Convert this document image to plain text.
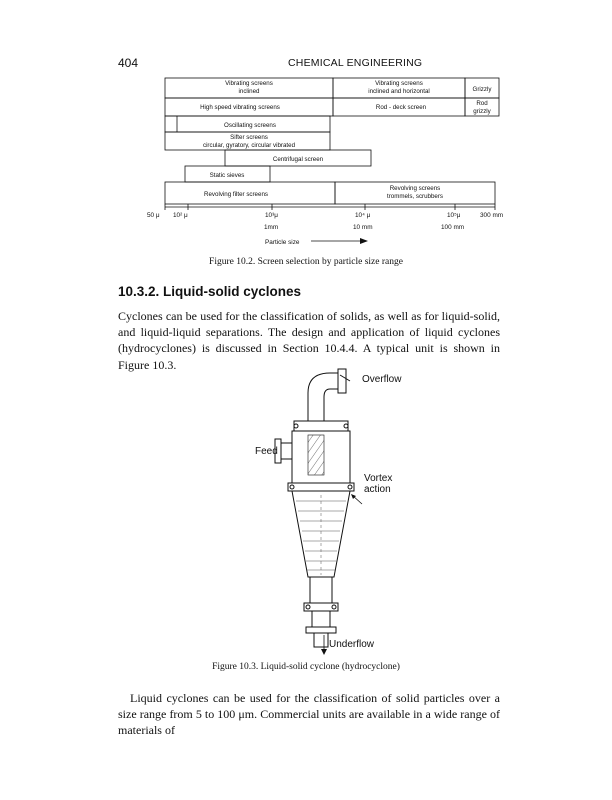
404	CHEMICAL ENGINEERING
Vibrating screens
inclined
Vibrating screens
inclined and horizontal	Grizzly
High speed vibrating screens	Rod - deck screen
Rod
grizzly
Oscillating screens
Sifter screens
circular, gyratory, circular vibrated
Centrifugal screen
Static sieves
Revolving filter screens
Revolving screens
trommels, scrubbers
50 μ 10² μ	10³μ	10⁴ μ	10⁵μ	300 mm
1mm	10 mm	100 mm
Particle size
Figure 10.2. Screen selection by particle size range
10.3.2. Liquid-solid cyclones
Cyclones can be used for the classification of solids, as well as for liquid-solid, and liquid-liquid separations. The design and application of liquid cyclones (hydrocyclones) is discussed in Section 10.4.4. A typical unit is shown in Figure 10.3.
Overflow
Feed
Vortex
action
Underflow
Figure 10.3. Liquid-solid cyclone (hydrocyclone)
Liquid cyclones can be used for the classification of solid particles over a size range from 5 to 100 μm. Commercial units are available in a wide range of materials of
